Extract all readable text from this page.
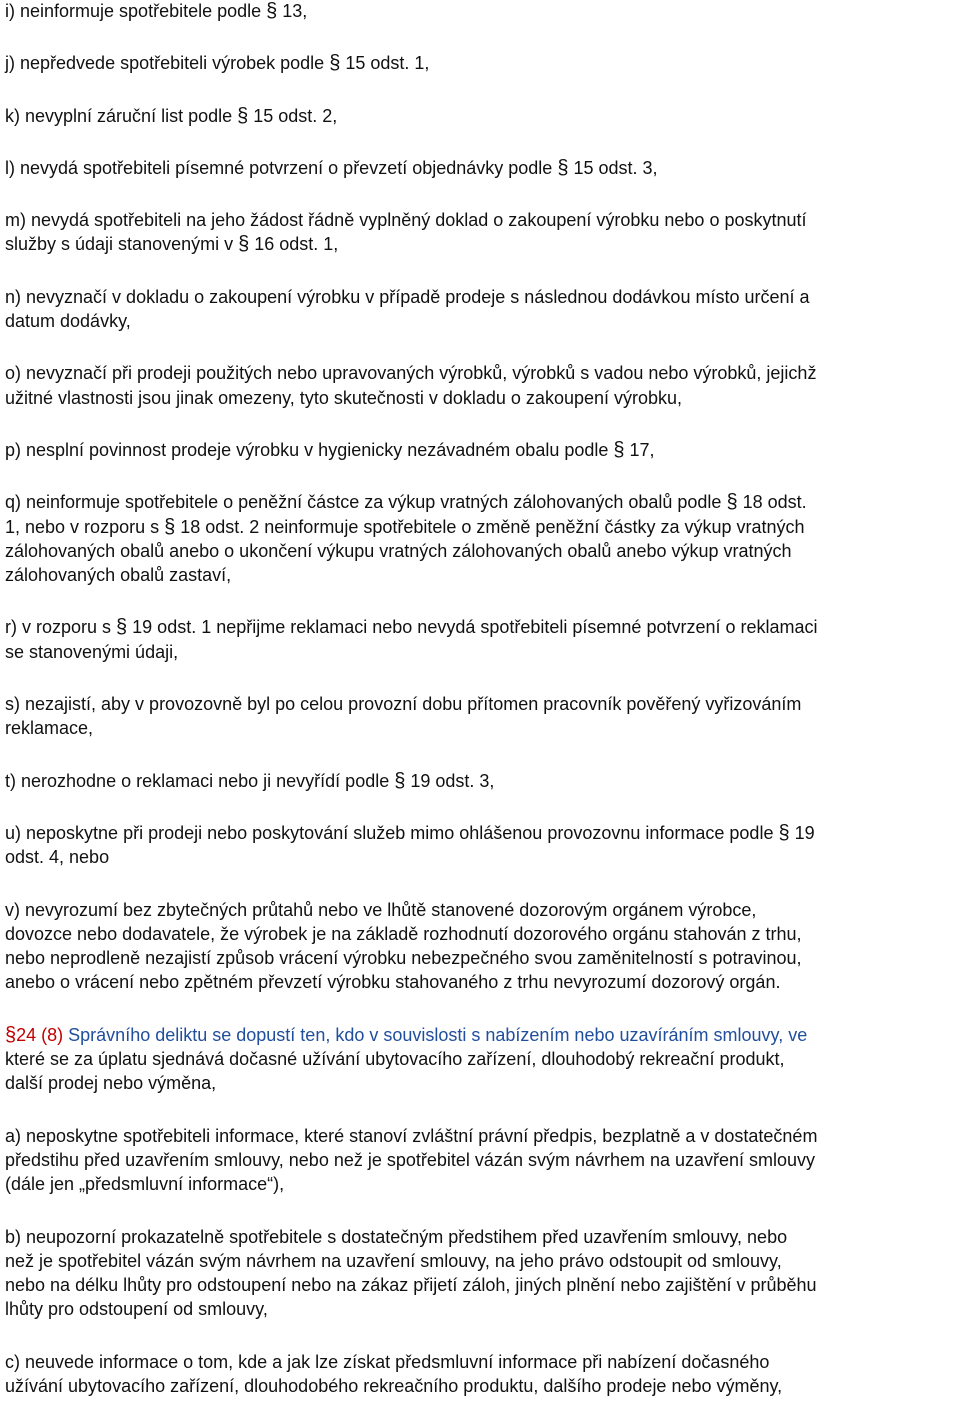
i) neinformuje spotřebitele podle § 13,

j) nepředvede spotřebiteli výrobek podle § 15 odst. 1,

k) nevyplní záruční list podle § 15 odst. 2,

l) nevydá spotřebiteli písemné potvrzení o převzetí objednávky podle § 15 odst. 3,

m) nevydá spotřebiteli na jeho žádost řádně vyplněný doklad o zakoupení výrobku nebo o poskytnutí

služby s údaji stanovenými v § 16 odst. 1,

n) nevyznačí v dokladu o zakoupení výrobku v případě prodeje s následnou dodávkou místo určení a

datum dodávky,

o) nevyznačí při prodeji použitých nebo upravovaných výrobků, výrobků s vadou nebo výrobků, jejichž

užitné vlastnosti jsou jinak omezeny, tyto skutečnosti v dokladu o zakoupení výrobku,

p) nesplní povinnost prodeje výrobku v hygienicky nezávadném obalu podle § 17,

q) neinformuje spotřebitele o peněžní částce za výkup vratných zálohovaných obalů podle § 18 odst.

1, nebo v rozporu s § 18 odst. 2 neinformuje spotřebitele o změně peněžní částky za výkup vratných

zálohovaných obalů anebo o ukončení výkupu vratných zálohovaných obalů anebo výkup vratných

zálohovaných obalů zastaví,

r) v rozporu s § 19 odst. 1 nepřijme reklamaci nebo nevydá spotřebiteli písemné potvrzení o reklamaci

se stanovenými údaji,

s) nezajistí, aby v provozovně byl po celou provozní dobu přítomen pracovník pověřený vyřizováním

reklamace,

t) nerozhodne o reklamaci nebo ji nevyřídí podle § 19 odst. 3,

u) neposkytne při prodeji nebo poskytování služeb mimo ohlášenou provozovnu informace podle § 19

odst. 4, nebo

v) nevyrozumí bez zbytečných průtahů nebo ve lhůtě stanovené dozorovým orgánem výrobce,

dovozce nebo dodavatele, že výrobek je na základě rozhodnutí dozorového orgánu stahován z trhu,

nebo neprodleně nezajistí způsob vrácení výrobku nebezpečného svou zaměnitelností s potravinou,

anebo o vrácení nebo zpětném převzetí výrobku stahovaného z trhu nevyrozumí dozorový orgán.

§24 (8) Správního deliktu se dopustí ten, kdo v souvislosti s nabízením nebo uzavíráním smlouvy, ve

které se za úplatu sjednává dočasné užívání ubytovacího zařízení, dlouhodobý rekreační produkt,

další prodej nebo výměna,

a) neposkytne spotřebiteli informace, které stanoví zvláštní právní předpis, bezplatně a v dostatečném

předstihu před uzavřením smlouvy, nebo než je spotřebitel vázán svým návrhem na uzavření smlouvy

(dále jen „předsmluvní informace“),

b) neupozorní prokazatelně spotřebitele s dostatečným předstihem před uzavřením smlouvy, nebo

než je spotřebitel vázán svým návrhem na uzavření smlouvy, na jeho právo odstoupit od smlouvy,

nebo na délku lhůty pro odstoupení nebo na zákaz přijetí záloh, jiných plnění nebo zajištění v průběhu

lhůty pro odstoupení od smlouvy,

c) neuvede informace o tom, kde a jak lze získat předsmluvní informace při nabízení dočasného

užívání ubytovacího zařízení, dlouhodobého rekreačního produktu, dalšího prodeje nebo výměny,
